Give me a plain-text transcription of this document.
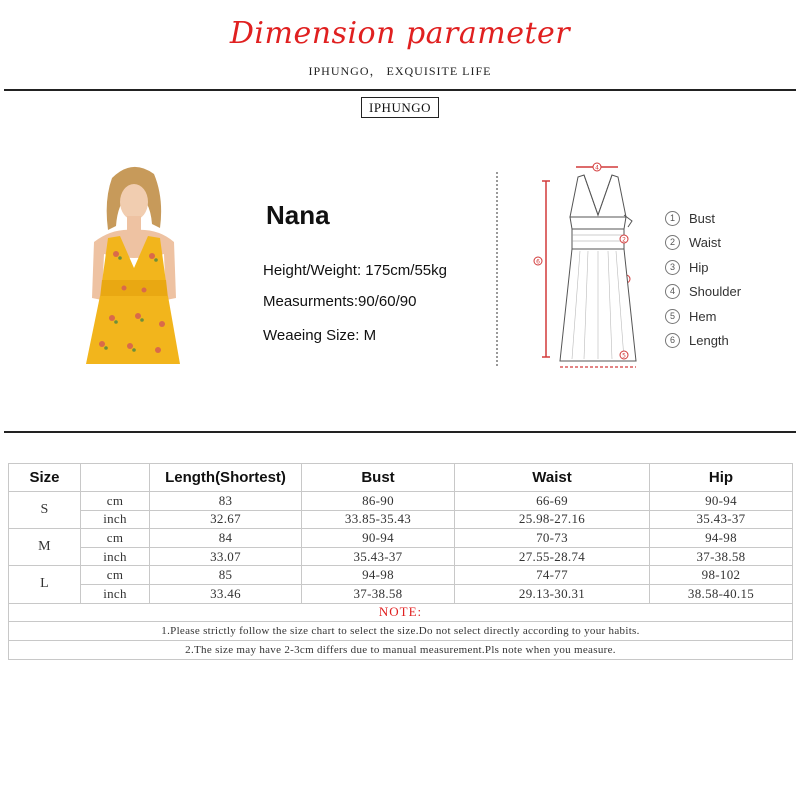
Dimension parameter
IPHUNGO， EXQUISITE LIFE
IPHUNGO
Nana
Height/Weight: 175cm/55kg
Measurments:90/60/90
Weaeing Size: M
4
6
2
5
1	Bust
2	Waist
3	Hip
4	Shoulder
5	Hem
6	Length
Size		Length(Shortest)	Bust	Waist	Hip
S	cm	83	86-90	66-69	90-94
	inch	32.67	33.85-35.43	25.98-27.16	35.43-37
M	cm	84	90-94	70-73	94-98
	inch	33.07	35.43-37	27.55-28.74	37-38.58
L	cm	85	94-98	74-77	98-102
	inch	33.46	37-38.58	29.13-30.31	38.58-40.15
NOTE:					
1.Please strictly follow the size chart to select the size.Do not select directly according to your habits.					
2.The size may have 2-3cm differs due to manual measurement.Pls note when you measure.					
